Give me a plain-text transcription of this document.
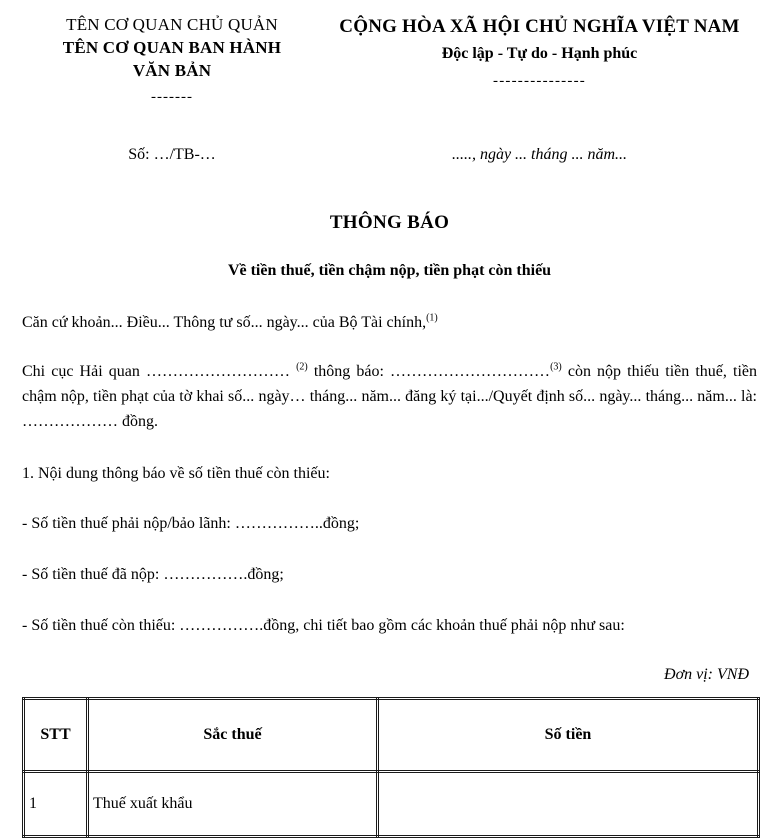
TÊN CƠ QUAN CHỦ QUẢN
TÊN CƠ QUAN BAN HÀNH
VĂN BẢN
-------
CỘNG HÒA XÃ HỘI CHỦ NGHĨA VIỆT NAM
Độc lập - Tự do - Hạnh phúc
---------------
Số: …/TB-…	....., ngày ... tháng ... năm...
THÔNG BÁO
Về tiền thuế, tiền chậm nộp, tiền phạt còn thiếu
Căn cứ khoản... Điều... Thông tư số... ngày... của Bộ Tài chính,$^{(1)}$
Chi cục Hải quan ……………………… $^{(2)}$ thông báo: …………………………$^{(3)}$ còn nộp thiếu tiền thuế, tiền chậm nộp, tiền phạt của tờ khai số... ngày… tháng... năm... đăng ký tại.../Quyết định số... ngày... tháng... năm... là: ……………… đồng.
1. Nội dung thông báo về số tiền thuế còn thiếu:
- Số tiền thuế phải nộp/bảo lãnh: ……………..đồng;
- Số tiền thuế đã nộp: …………….đồng;
- Số tiền thuế còn thiếu: …………….đồng, chi tiết bao gồm các khoản thuế phải nộp như sau:
Đơn vị: VNĐ
STT	Sắc thuế	Số tiền
1	Thuế xuất khẩu	
